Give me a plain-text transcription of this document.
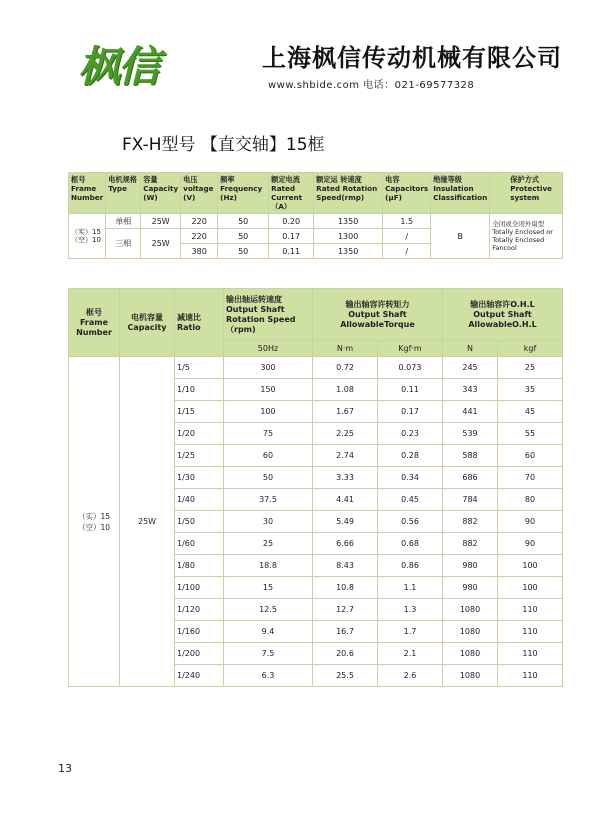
枫信	上海枫信传动机械有限公司
www.shbide.com 电话：021-69577328
FX-H型号 【直交轴】15框
框号
Frame
Number	电机规格
Type	容量
Capacity
(W)	电压
voltage
(V)	频率
Frequency
(Hz)	额定电流
Rated
Current
（A）	额定运 转速度
Rated Rotation
Speed(rmp)	电容
Capacitors
(μF)	绝缘等级
Insulation
Classification	保护方式
Protective
system
（实）15
（空）10	单相	25W	220	50	0.20	1350	1.5	B	全闭或全闭外扇型
Totally Enclosed or
Totally Enclosed Fancool
	三相	25W	220	50	0.17	1300	/		
			380	50	0.11	1350	/		
框号
Frame
Number	电机容量
Capacity	减速比
Ratio	输出轴运转速度
Output Shaft
Rotation Speed
（rpm)	输出轴容许转矩力
Output Shaft
AllowableTorque		输出轴容许O.H.L
Output Shaft
AllowableO.H.L	
			50Hz	N·m	Kgf·m	N	kgf
（实）15
（空）10	25W	1/5	300	0.72	0.073	245	25
		1/10	150	1.08	0.11	343	35
		1/15	100	1.67	0.17	441	45
		1/20	75	2.25	0.23	539	55
		1/25	60	2.74	0.28	588	60
		1/30	50	3.33	0.34	686	70
		1/40	37.5	4.41	0.45	784	80
		1/50	30	5.49	0.56	882	90
		1/60	25	6.66	0.68	882	90
		1/80	18.8	8.43	0.86	980	100
		1/100	15	10.8	1.1	980	100
		1/120	12.5	12.7	1.3	1080	110
		1/160	9.4	16.7	1.7	1080	110
		1/200	7.5	20.6	2.1	1080	110
		1/240	6.3	25.5	2.6	1080	110
13
